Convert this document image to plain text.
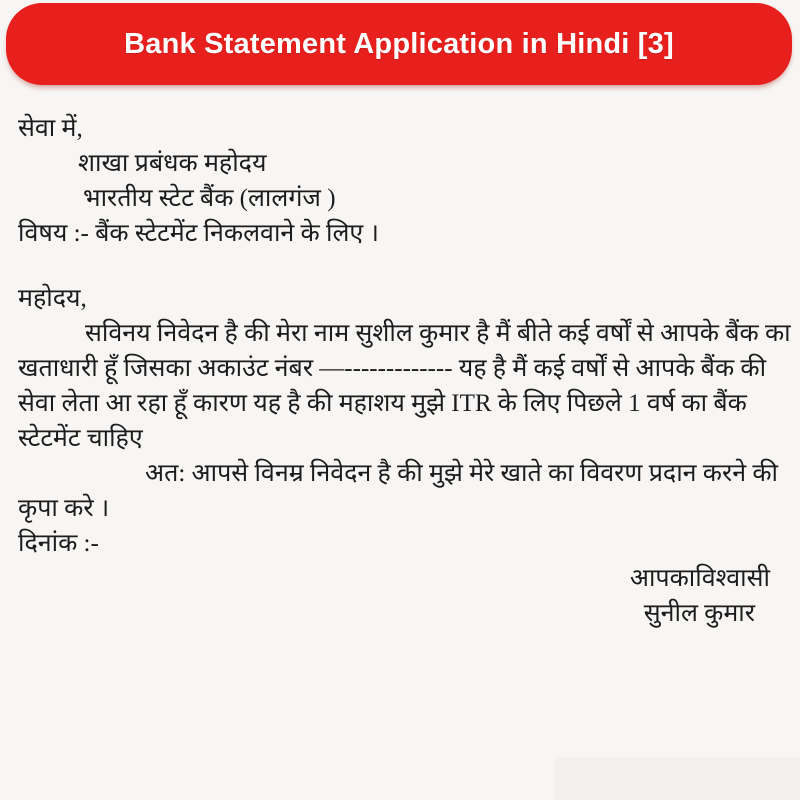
Bank Statement Application in Hindi [3]
सेवा में,
शाखा प्रबंधक महोदय
भारतीय स्टेट बैंक (लालगंज )
विषय :- बैंक स्टेटमेंट निकलवाने के लिए ।
महोदय,
सविनय निवेदन है की मेरा नाम सुशील कुमार है मैं बीते कई वर्षों से आपके बैंक का
खताधारी हूँ जिसका अकाउंट नंबर —------------- यह है मैं कई वर्षों से आपके बैंक की
सेवा लेता आ रहा हूँ कारण यह है की महाशय मुझे ITR के लिए पिछले 1 वर्ष का बैंक
स्टेटमेंट चाहिए
अत: आपसे विनम्र निवेदन है की मुझे मेरे खाते का विवरण प्रदान करने की
कृपा करे ।
दिनांक :-
आपकाविश्वासी
सुनील कुमार
